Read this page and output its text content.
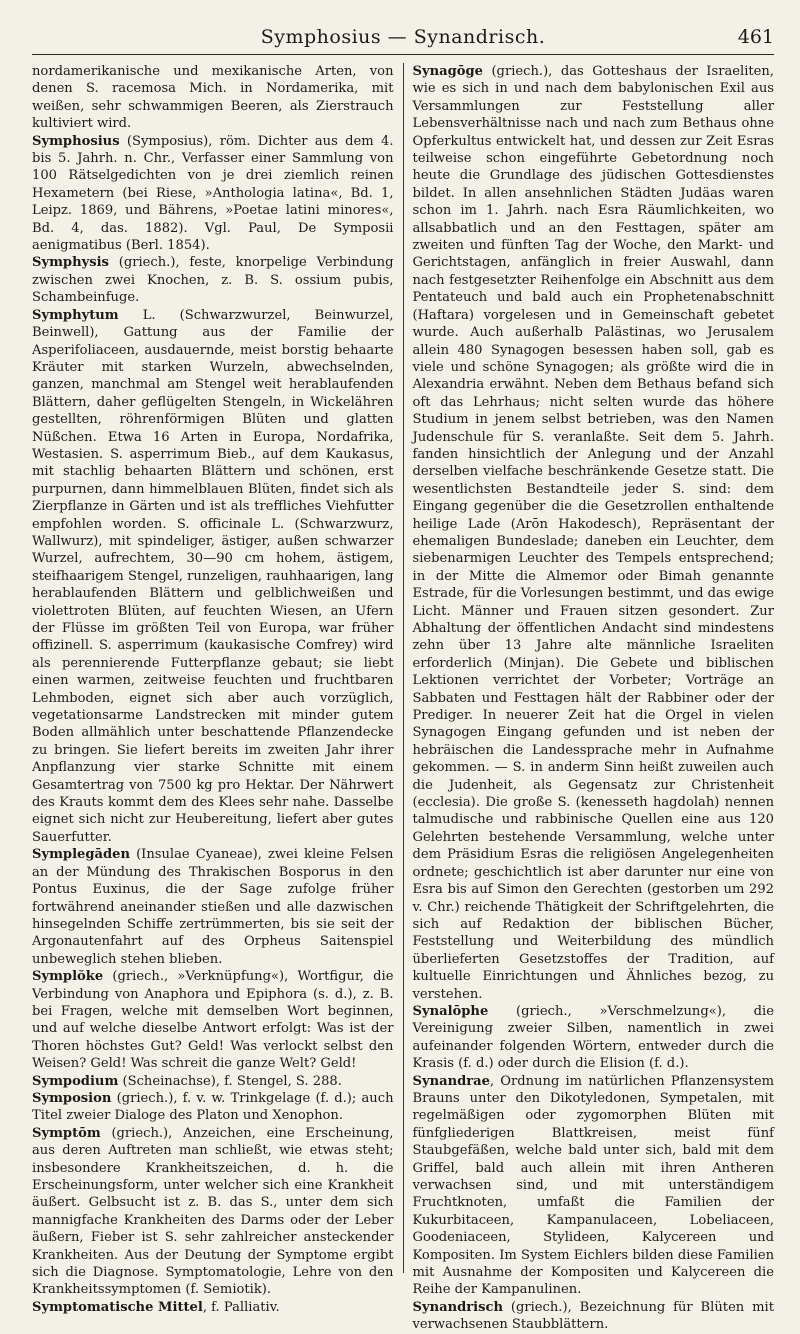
Symphosius — Synandrisch.	461

nordamerikanische und mexikanische Arten, von denen S. racemosa Mich. in Nordamerika, mit weißen, sehr schwammigen Beeren, als Zierstrauch kultiviert wird.

Symphosius (Symposius), röm. Dichter aus dem 4. bis 5. Jahrh. n. Chr., Verfasser einer Sammlung von 100 Rätselgedichten von je drei ziemlich reinen Hexametern (bei Riese, »Anthologia latina«, Bd. 1, Leipz. 1869, und Bährens, »Poetae latini minores«, Bd. 4, das. 1882). Vgl. Paul, De Symposii aenigmatibus (Berl. 1854).

Symphysis (griech.), feste, knorpelige Verbindung zwischen zwei Knochen, z. B. S. ossium pubis, Schambeinfuge.

Symphytum L. (Schwarzwurzel, Beinwurzel, Beinwell), Gattung aus der Familie der Asperifoliaceen, ausdauernde, meist borstig behaarte Kräuter mit starken Wurzeln, abwechselnden, ganzen, manchmal am Stengel weit herablaufenden Blättern, daher geflügelten Stengeln, in Wickelähren gestellten, röhrenförmigen Blüten und glatten Nüßchen. Etwa 16 Arten in Europa, Nordafrika, Westasien. S. asperrimum Bieb., auf dem Kaukasus, mit stachlig behaarten Blättern und schönen, erst purpurnen, dann himmelblauen Blüten, findet sich als Zierpflanze in Gärten und ist als treffliches Viehfutter empfohlen worden. S. officinale L. (Schwarzwurz, Wallwurz), mit spindeliger, ästiger, außen schwarzer Wurzel, aufrechtem, 30—90 cm hohem, ästigem, steifhaarigem Stengel, runzeligen, rauhhaarigen, lang herablaufenden Blättern und gelblichweißen und violettroten Blüten, auf feuchten Wiesen, an Ufern der Flüsse im größten Teil von Europa, war früher offizinell. S. asperrimum (kaukasische Comfrey) wird als perennierende Futterpflanze gebaut; sie liebt einen warmen, zeitweise feuchten und fruchtbaren Lehmboden, eignet sich aber auch vorzüglich, vegetationsarme Landstrecken mit minder gutem Boden allmählich unter beschattende Pflanzendecke zu bringen. Sie liefert bereits im zweiten Jahr ihrer Anpflanzung vier starke Schnitte mit einem Gesamtertrag von 7500 kg pro Hektar. Der Nährwert des Krauts kommt dem des Klees sehr nahe. Dasselbe eignet sich nicht zur Heubereitung, liefert aber gutes Sauerfutter.

Symplegāden (Insulae Cyaneae), zwei kleine Felsen an der Mündung des Thrakischen Bosporus in den Pontus Euxinus, die der Sage zufolge früher fortwährend aneinander stießen und alle dazwischen hinsegelnden Schiffe zertrümmerten, bis sie seit der Argonautenfahrt auf des Orpheus Saitenspiel unbeweglich stehen blieben.

Symplŏke (griech., »Verknüpfung«), Wortfigur, die Verbindung von Anaphora und Epiphora (s. d.), z. B. bei Fragen, welche mit demselben Wort beginnen, und auf welche dieselbe Antwort erfolgt: Was ist der Thoren höchstes Gut? Geld! Was verlockt selbst den Weisen? Geld! Was schreit die ganze Welt? Geld!

Sympodium (Scheinachse), f. Stengel, S. 288.

Symposion (griech.), f. v. w. Trinkgelage (f. d.); auch Titel zweier Dialoge des Platon und Xenophon.

Symptōm (griech.), Anzeichen, eine Erscheinung, aus deren Auftreten man schließt, wie etwas steht; insbesondere Krankheitszeichen, d. h. die Erscheinungsform, unter welcher sich eine Krankheit äußert. Gelbsucht ist z. B. das S., unter dem sich mannigfache Krankheiten des Darms oder der Leber äußern, Fieber ist S. sehr zahlreicher ansteckender Krankheiten. Aus der Deutung der Symptome ergibt sich die Diagnose. Symptomatologie, Lehre von den Krankheitssymptomen (f. Semiotik).

Symptomatische Mittel, f. Palliativ.

Synagōge (griech.), das Gotteshaus der Israeliten, wie es sich in und nach dem babylonischen Exil aus Versammlungen zur Feststellung aller Lebensverhältnisse nach und nach zum Bethaus ohne Opferkultus entwickelt hat, und dessen zur Zeit Esras teilweise schon eingeführte Gebetordnung noch heute die Grundlage des jüdischen Gottesdienstes bildet. In allen ansehnlichen Städten Judäas waren schon im 1. Jahrh. nach Esra Räumlichkeiten, wo allsabbatlich und an den Festtagen, später am zweiten und fünften Tag der Woche, den Markt- und Gerichtstagen, anfänglich in freier Auswahl, dann nach festgesetzter Reihenfolge ein Abschnitt aus dem Pentateuch und bald auch ein Prophetenabschnitt (Haftara) vorgelesen und in Gemeinschaft gebetet wurde. Auch außerhalb Palästinas, wo Jerusalem allein 480 Synagogen besessen haben soll, gab es viele und schöne Synagogen; als größte wird die in Alexandria erwähnt. Neben dem Bethaus befand sich oft das Lehrhaus; nicht selten wurde das höhere Studium in jenem selbst betrieben, was den Namen Judenschule für S. veranlaßte. Seit dem 5. Jahrh. fanden hinsichtlich der Anlegung und der Anzahl derselben vielfache beschränkende Gesetze statt. Die wesentlichsten Bestandteile jeder S. sind: dem Eingang gegenüber die die Gesetzrollen enthaltende heilige Lade (Arōn Hakodesch), Repräsentant der ehemaligen Bundeslade; daneben ein Leuchter, dem siebenarmigen Leuchter des Tempels entsprechend; in der Mitte die Almemor oder Bimah genannte Estrade, für die Vorlesungen bestimmt, und das ewige Licht. Männer und Frauen sitzen gesondert. Zur Abhaltung der öffentlichen Andacht sind mindestens zehn über 13 Jahre alte männliche Israeliten erforderlich (Minjan). Die Gebete und biblischen Lektionen verrichtet der Vorbeter; Vorträge an Sabbaten und Festtagen hält der Rabbiner oder der Prediger. In neuerer Zeit hat die Orgel in vielen Synagogen Eingang gefunden und ist neben der hebräischen die Landessprache mehr in Aufnahme gekommen. — S. in anderm Sinn heißt zuweilen auch die Judenheit, als Gegensatz zur Christenheit (ecclesia). Die große S. (kenesseth hagdolah) nennen talmudische und rabbinische Quellen eine aus 120 Gelehrten bestehende Versammlung, welche unter dem Präsidium Esras die religiösen Angelegenheiten ordnete; geschichtlich ist aber darunter nur eine von Esra bis auf Simon den Gerechten (gestorben um 292 v. Chr.) reichende Thätigkeit der Schriftgelehrten, die sich auf Redaktion der biblischen Bücher, Feststellung und Weiterbildung des mündlich überlieferten Gesetzstoffes der Tradition, auf kultuelle Einrichtungen und Ähnliches bezog, zu verstehen.

Synalōphe (griech., »Verschmelzung«), die Vereinigung zweier Silben, namentlich in zwei aufeinander folgenden Wörtern, entweder durch die Krasis (f. d.) oder durch die Elision (f. d.).

Synandrae, Ordnung im natürlichen Pflanzensystem Brauns unter den Dikotyledonen, Sympetalen, mit regelmäßigen oder zygomorphen Blüten mit fünfgliederigen Blattkreisen, meist fünf Staubgefäßen, welche bald unter sich, bald mit dem Griffel, bald auch allein mit ihren Antheren verwachsen sind, und mit unterständigem Fruchtknoten, umfaßt die Familien der Kukurbitaceen, Kampanulaceen, Lobeliaceen, Goodeniaceen, Stylideen, Kalycereen und Kompositen. Im System Eichlers bilden diese Familien mit Ausnahme der Kompositen und Kalycereen die Reihe der Kampanulinen.

Synandrisch (griech.), Bezeichnung für Blüten mit verwachsenen Staubblättern.
